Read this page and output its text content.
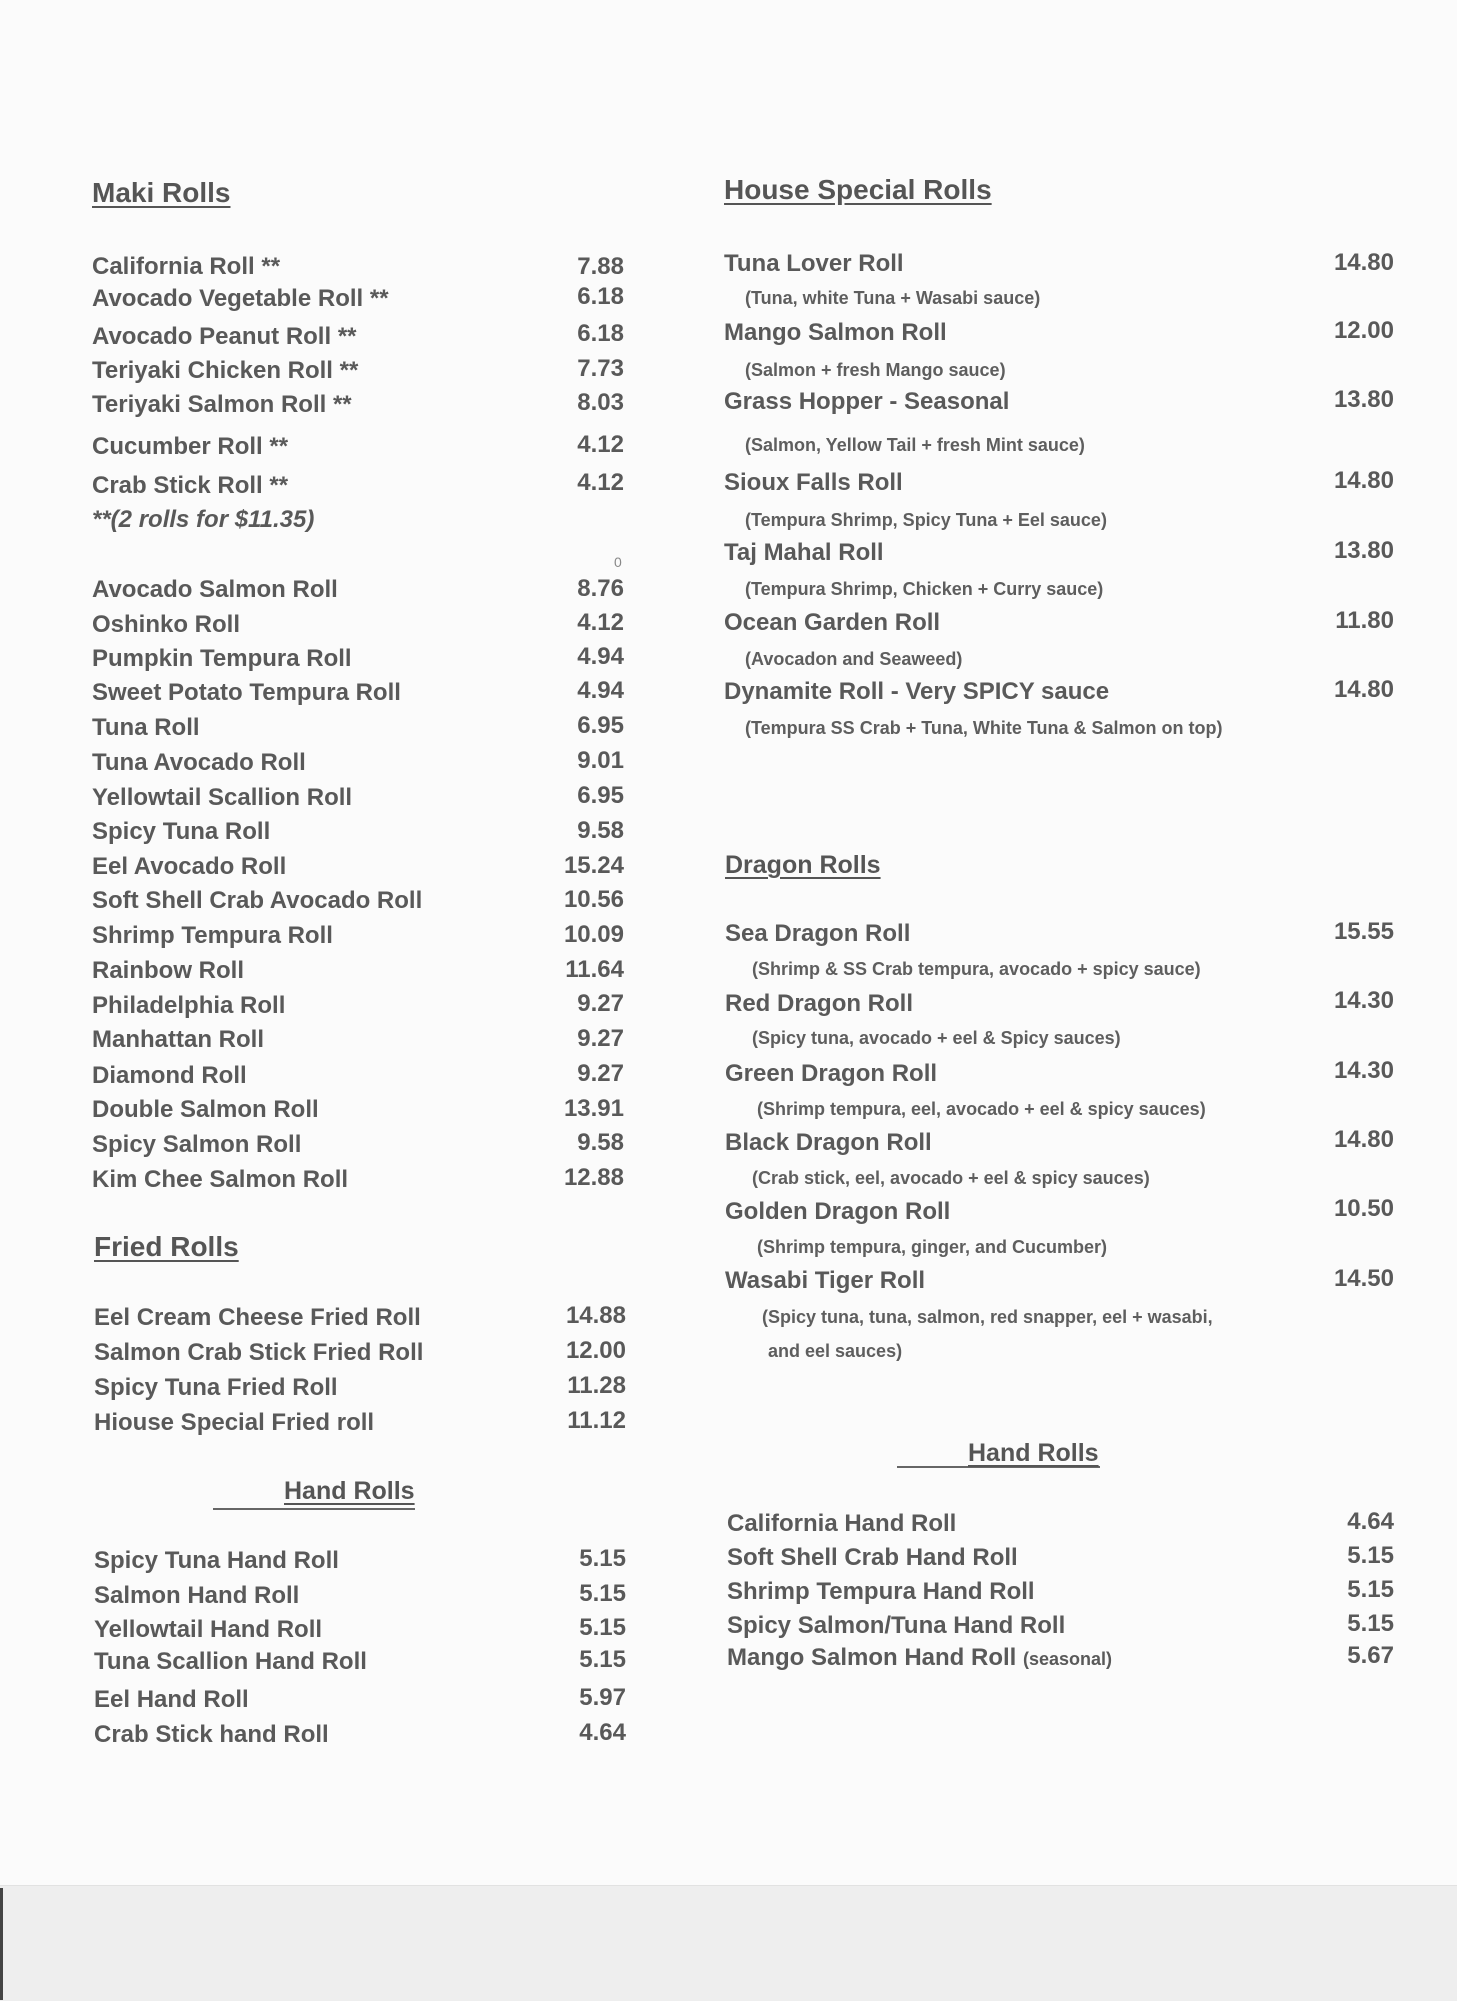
Maki Rolls
California Roll **	7.88
Avocado Vegetable Roll **	6.18
Avocado Peanut Roll **	6.18
Teriyaki Chicken Roll **	7.73
Teriyaki Salmon Roll **	8.03
Cucumber Roll **	4.12
Crab Stick Roll **	4.12
**(2 rolls for $11.35)
0
Avocado Salmon Roll	8.76
Oshinko Roll	4.12
Pumpkin Tempura Roll	4.94
Sweet Potato Tempura Roll	4.94
Tuna Roll	6.95
Tuna Avocado Roll	9.01
Yellowtail Scallion Roll	6.95
Spicy Tuna Roll	9.58
Eel Avocado Roll	15.24
Soft Shell Crab Avocado Roll	10.56
Shrimp Tempura Roll	10.09
Rainbow Roll	11.64
Philadelphia Roll	9.27
Manhattan Roll	9.27
Diamond Roll	9.27
Double Salmon Roll	13.91
Spicy Salmon Roll	9.58
Kim Chee Salmon Roll	12.88
Fried Rolls
Eel Cream Cheese Fried Roll	14.88
Salmon Crab Stick Fried Roll	12.00
Spicy Tuna Fried Roll	11.28
Hiouse Special Fried roll	11.12
Hand Rolls
Spicy Tuna Hand Roll	5.15
Salmon Hand Roll	5.15
Yellowtail Hand Roll	5.15
Tuna Scallion Hand Roll	5.15
Eel Hand Roll	5.97
Crab Stick hand Roll	4.64
House Special Rolls
Tuna Lover Roll	14.80
(Tuna, white Tuna + Wasabi sauce)
Mango Salmon Roll	12.00
(Salmon + fresh Mango sauce)
Grass Hopper - Seasonal	13.80
(Salmon, Yellow Tail + fresh Mint sauce)
Sioux Falls Roll	14.80
(Tempura Shrimp, Spicy Tuna + Eel sauce)
Taj Mahal Roll	13.80
(Tempura Shrimp, Chicken + Curry sauce)
Ocean Garden Roll	11.80
(Avocadon and Seaweed)
Dynamite Roll - Very SPICY sauce	14.80
(Tempura SS Crab + Tuna, White Tuna & Salmon on top)
Dragon Rolls
Sea Dragon Roll	15.55
(Shrimp & SS Crab tempura, avocado + spicy sauce)
Red Dragon Roll	14.30
(Spicy tuna, avocado + eel & Spicy sauces)
Green Dragon Roll	14.30
(Shrimp tempura, eel, avocado + eel & spicy sauces)
Black Dragon Roll	14.80
(Crab stick, eel, avocado + eel & spicy sauces)
Golden Dragon Roll	10.50
(Shrimp tempura, ginger, and Cucumber)
Wasabi Tiger Roll	14.50
(Spicy tuna, tuna, salmon, red snapper, eel + wasabi,
and eel sauces)
Hand Rolls
California Hand Roll	4.64
Soft Shell Crab Hand Roll	5.15
Shrimp Tempura Hand Roll	5.15
Spicy Salmon/Tuna Hand Roll	5.15
Mango Salmon Hand Roll (seasonal)	5.67
